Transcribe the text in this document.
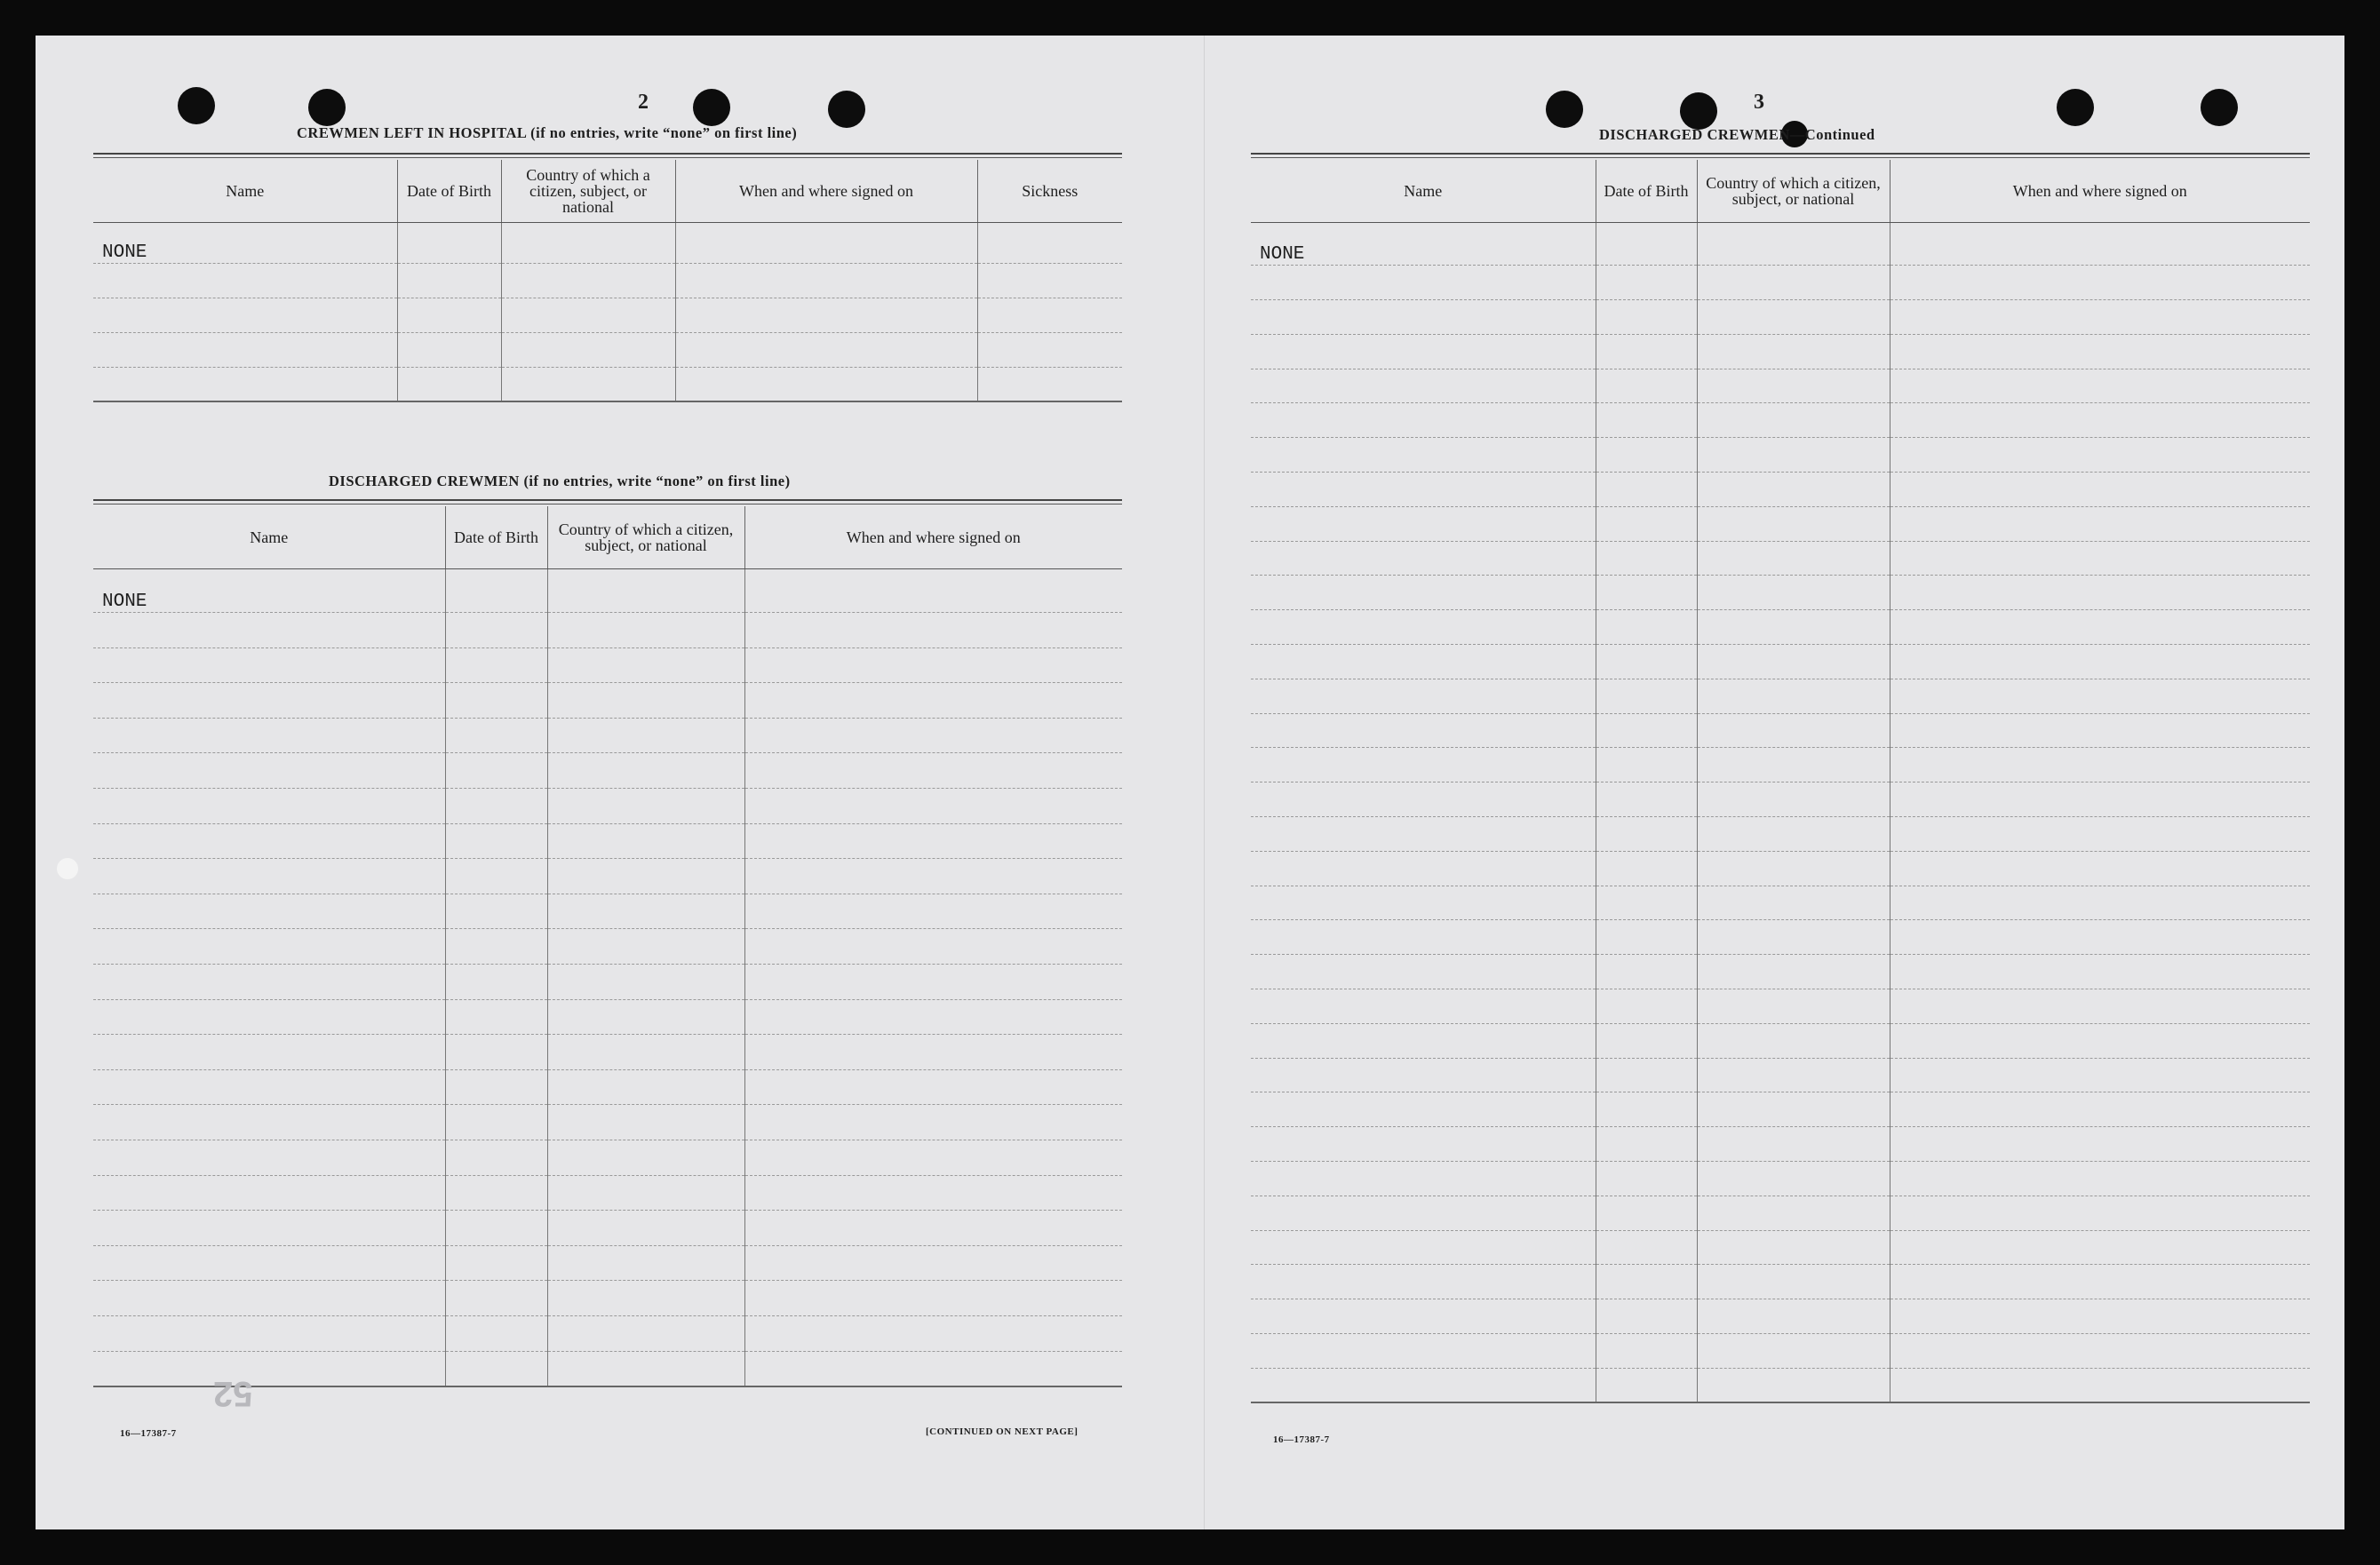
2
CREWMEN LEFT IN HOSPITAL (if no entries, write “none” on first line)
Name	Date of Birth	Country of which a citizen, subject, or national	When and where signed on	Sickness
NONE				

DISCHARGED CREWMEN (if no entries, write “none” on first line)
Name	Date of Birth	Country of which a citizen, subject, or national	When and where signed on
NONE			

16—17387-7	[CONTINUED ON NEXT PAGE]
52
3
DISCHARGED CREWMEN—Continued
Name	Date of Birth	Country of which a citizen, subject, or national	When and where signed on
NONE			

16—17387-7
